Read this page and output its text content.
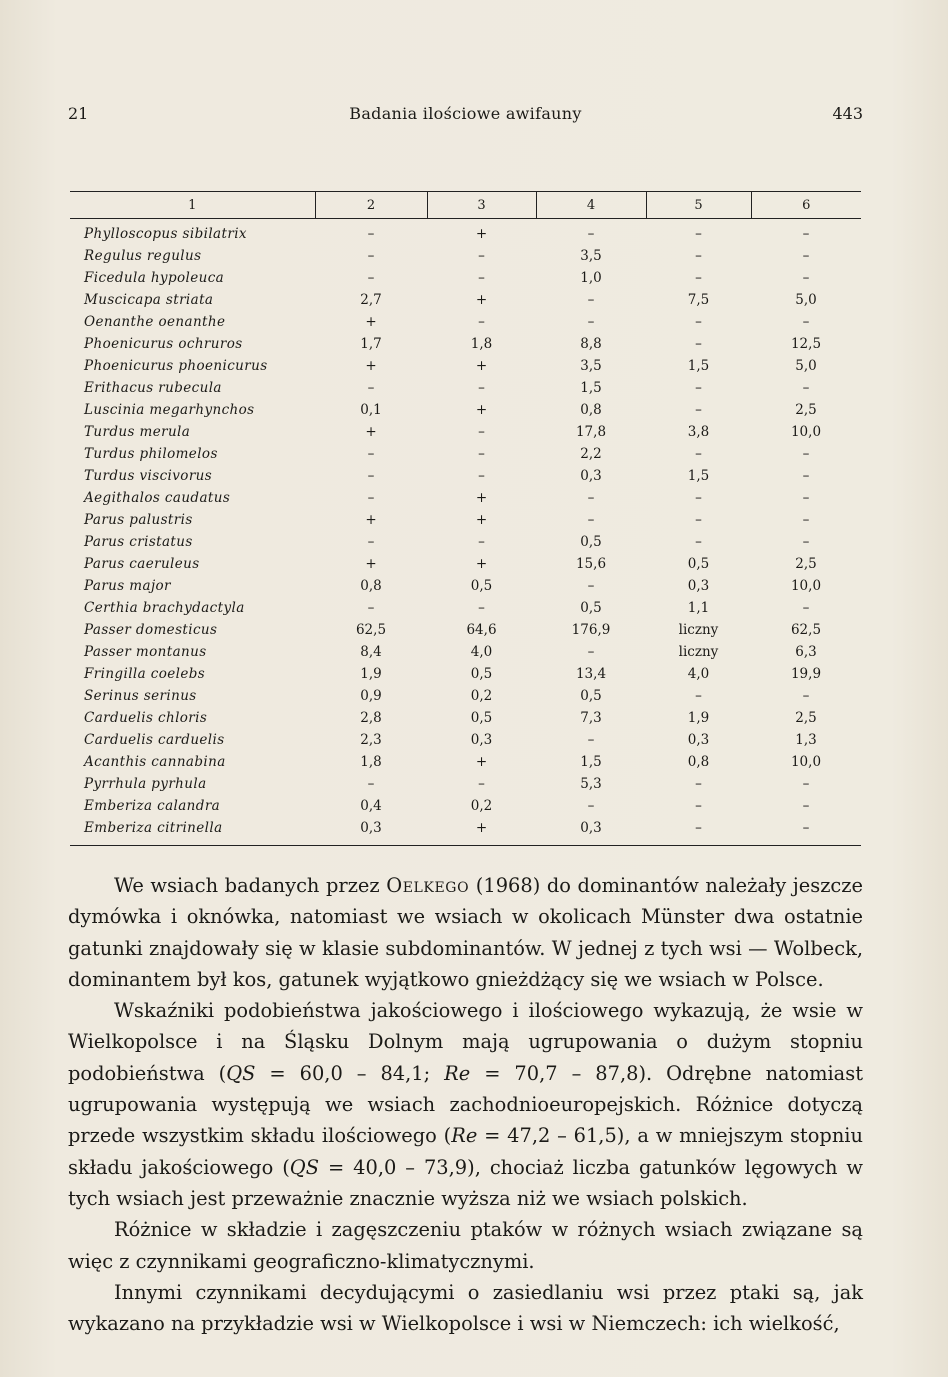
21	Badania ilościowe awifauny	443
1	2	3	4	5	6
Phylloscopus sibilatrix	–	+	–	–	–
Regulus regulus	–	–	3,5	–	–
Ficedula hypoleuca	–	–	1,0	–	–
Muscicapa striata	2,7	+	–	7,5	5,0
Oenanthe oenanthe	+	–	–	–	–
Phoenicurus ochruros	1,7	1,8	8,8	–	12,5
Phoenicurus phoenicurus	+	+	3,5	1,5	5,0
Erithacus rubecula	–	–	1,5	–	–
Luscinia megarhynchos	0,1	+	0,8	–	2,5
Turdus merula	+	–	17,8	3,8	10,0
Turdus philomelos	–	–	2,2	–	–
Turdus viscivorus	–	–	0,3	1,5	–
Aegithalos caudatus	–	+	–	–	–
Parus palustris	+	+	–	–	–
Parus cristatus	–	–	0,5	–	–
Parus caeruleus	+	+	15,6	0,5	2,5
Parus major	0,8	0,5	–	0,3	10,0
Certhia brachydactyla	–	–	0,5	1,1	–
Passer domesticus	62,5	64,6	176,9	liczny	62,5
Passer montanus	8,4	4,0	–	liczny	6,3
Fringilla coelebs	1,9	0,5	13,4	4,0	19,9
Serinus serinus	0,9	0,2	0,5	–	–
Carduelis chloris	2,8	0,5	7,3	1,9	2,5
Carduelis carduelis	2,3	0,3	–	0,3	1,3
Acanthis cannabina	1,8	+	1,5	0,8	10,0
Pyrrhula pyrhula	–	–	5,3	–	–
Emberiza calandra	0,4	0,2	–	–	–
Emberiza citrinella	0,3	+	0,3	–	–

We wsiach badanych przez Oelkego (1968) do dominantów należały jeszcze dymówka i oknówka, natomiast we wsiach w okolicach Münster dwa ostatnie gatunki znajdowały się w klasie subdominantów. W jednej z tych wsi — Wolbeck, dominantem był kos, gatunek wyjątkowo gnieżdżący się we wsiach w Polsce.

Wskaźniki podobieństwa jakościowego i ilościowego wykazują, że wsie w Wielkopolsce i na Śląsku Dolnym mają ugrupowania o dużym stopniu podobieństwa (QS = 60,0 – 84,1; Re = 70,7 – 87,8). Odrębne natomiast ugrupowania występują we wsiach zachodnioeuropejskich. Różnice dotyczą przede wszystkim składu ilościowego (Re = 47,2 – 61,5), a w mniejszym stopniu składu jakościowego (QS = 40,0 – 73,9), chociaż liczba gatunków lęgowych w tych wsiach jest przeważnie znacznie wyższa niż we wsiach polskich.

Różnice w składzie i zagęszczeniu ptaków w różnych wsiach związane są więc z czynnikami geograficzno-klimatycznymi.

Innymi czynnikami decydującymi o zasiedlaniu wsi przez ptaki są, jak wykazano na przykładzie wsi w Wielkopolsce i wsi w Niemczech: ich wielkość,
